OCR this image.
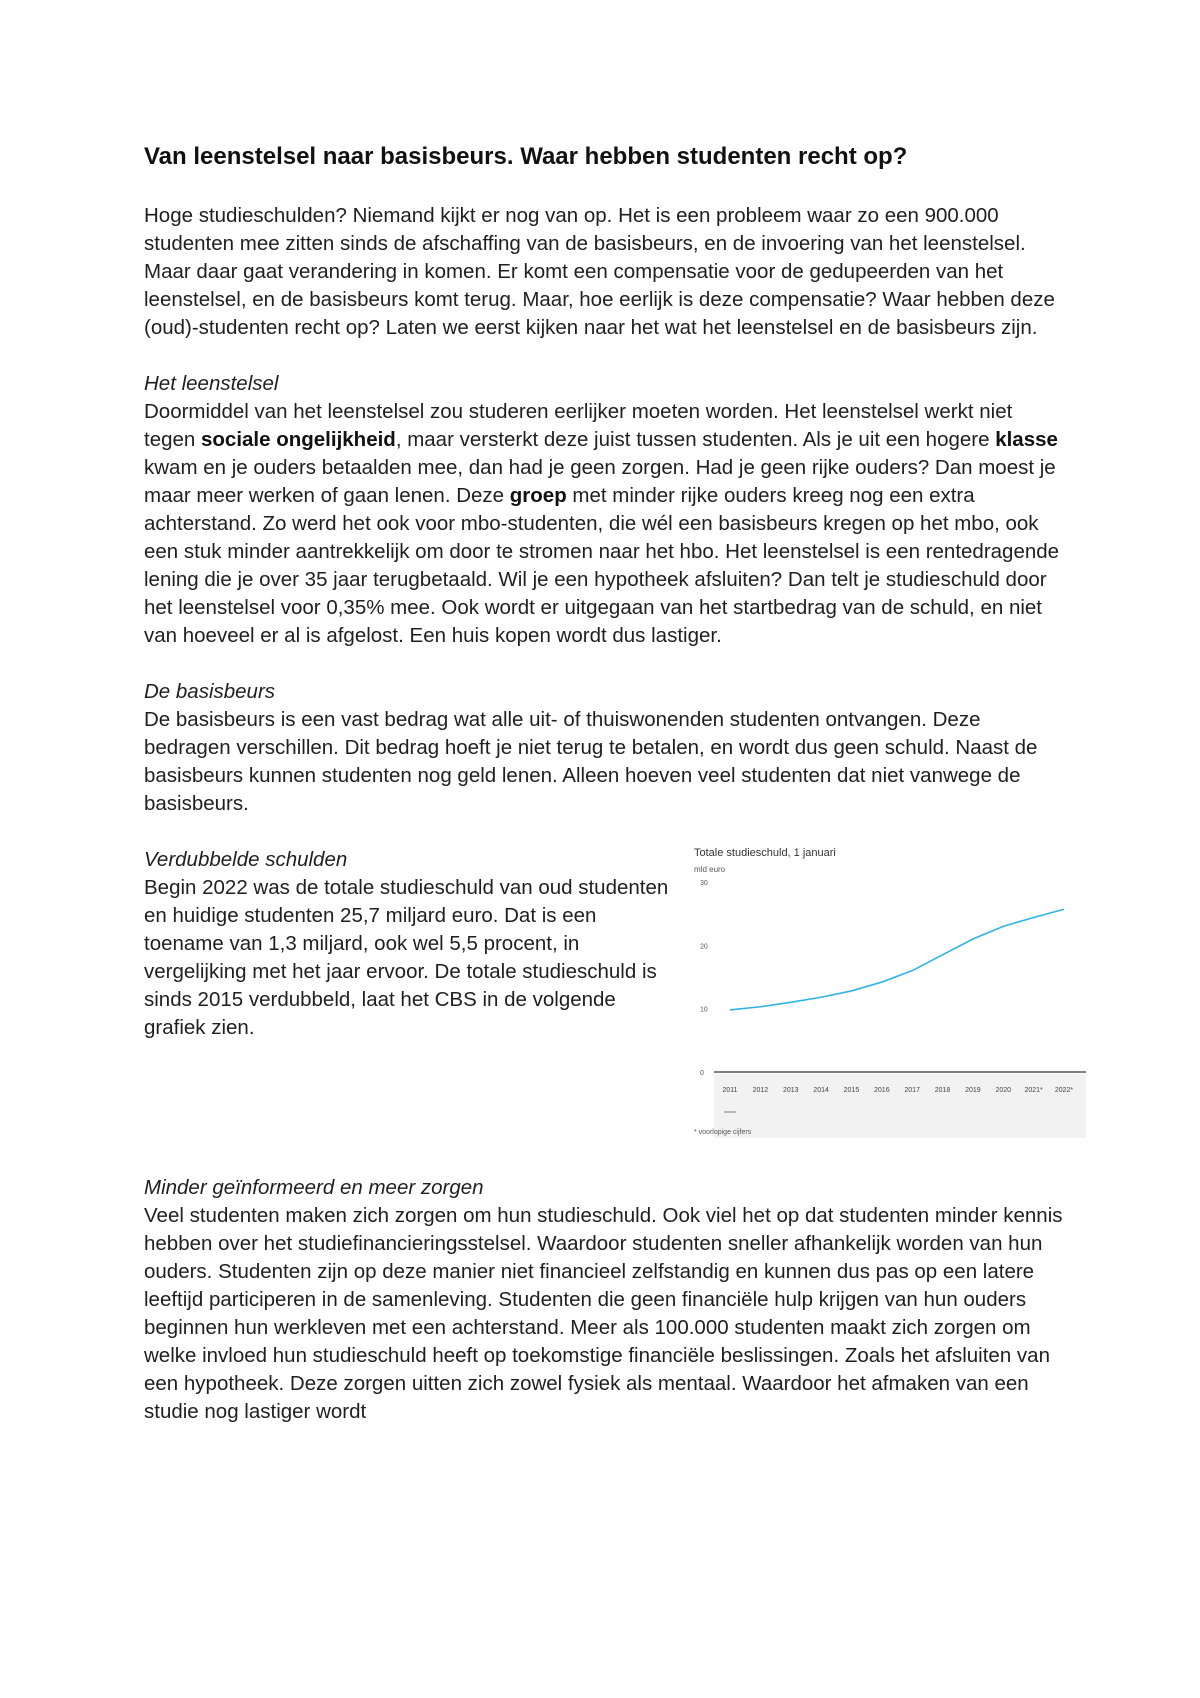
Van leenstelsel naar basisbeurs. Waar hebben studenten recht op?

Hoge studieschulden? Niemand kijkt er nog van op. Het is een probleem waar zo een 900.000 studenten mee zitten sinds de afschaffing van de basisbeurs, en de invoering van het leenstelsel. Maar daar gaat verandering in komen. Er komt een compensatie voor de gedupeerden van het leenstelsel, en de basisbeurs komt terug. Maar, hoe eerlijk is deze compensatie? Waar hebben deze (oud)-studenten recht op? Laten we eerst kijken naar het wat het leenstelsel en de basisbeurs zijn.

Het leenstelsel

Doormiddel van het leenstelsel zou studeren eerlijker moeten worden. Het leenstelsel werkt niet tegen sociale ongelijkheid, maar versterkt deze juist tussen studenten. Als je uit een hogere klasse kwam en je ouders betaalden mee, dan had je geen zorgen. Had je geen rijke ouders? Dan moest je maar meer werken of gaan lenen. Deze groep met minder rijke ouders kreeg nog een extra achterstand. Zo werd het ook voor mbo-studenten, die wél een basisbeurs kregen op het mbo, ook een stuk minder aantrekkelijk om door te stromen naar het hbo. Het leenstelsel is een rentedragende lening die je over 35 jaar terugbetaald. Wil je een hypotheek afsluiten? Dan telt je studieschuld door het leenstelsel voor 0,35% mee. Ook wordt er uitgegaan van het startbedrag van de schuld, en niet van hoeveel er al is afgelost. Een huis kopen wordt dus lastiger.

De basisbeurs

De basisbeurs is een vast bedrag wat alle uit- of thuiswonenden studenten ontvangen. Deze bedragen verschillen. Dit bedrag hoeft je niet terug te betalen, en wordt dus geen schuld. Naast de basisbeurs kunnen studenten nog geld lenen. Alleen hoeven veel studenten dat niet vanwege de basisbeurs.

Verdubbelde schulden

Begin 2022 was de totale studieschuld van oud studenten en huidige studenten 25,7 miljard euro. Dat is een toename van 1,3 miljard, ook wel 5,5 procent, in vergelijking met het jaar ervoor. De totale studieschuld is sinds 2015 verdubbeld, laat het CBS in de volgende grafiek zien.

Totale studieschuld, 1 januari
mld euro
0
10
20
30
2011 2012 2013 2014 2015 2016 2017 2018 2019 2020 2021* 2022*
* voorlopige cijfers
Minder geïnformeerd en meer zorgen

Veel studenten maken zich zorgen om hun studieschuld. Ook viel het op dat studenten minder kennis hebben over het studiefinancieringsstelsel. Waardoor studenten sneller afhankelijk worden van hun ouders. Studenten zijn op deze manier niet financieel zelfstandig en kunnen dus pas op een latere leeftijd participeren in de samenleving. Studenten die geen financiële hulp krijgen van hun ouders beginnen hun werkleven met een achterstand. Meer als 100.000 studenten maakt zich zorgen om welke invloed hun studieschuld heeft op toekomstige financiële beslissingen. Zoals het afsluiten van een hypotheek. Deze zorgen uitten zich zowel fysiek als mentaal. Waardoor het afmaken van een studie nog lastiger wordt
